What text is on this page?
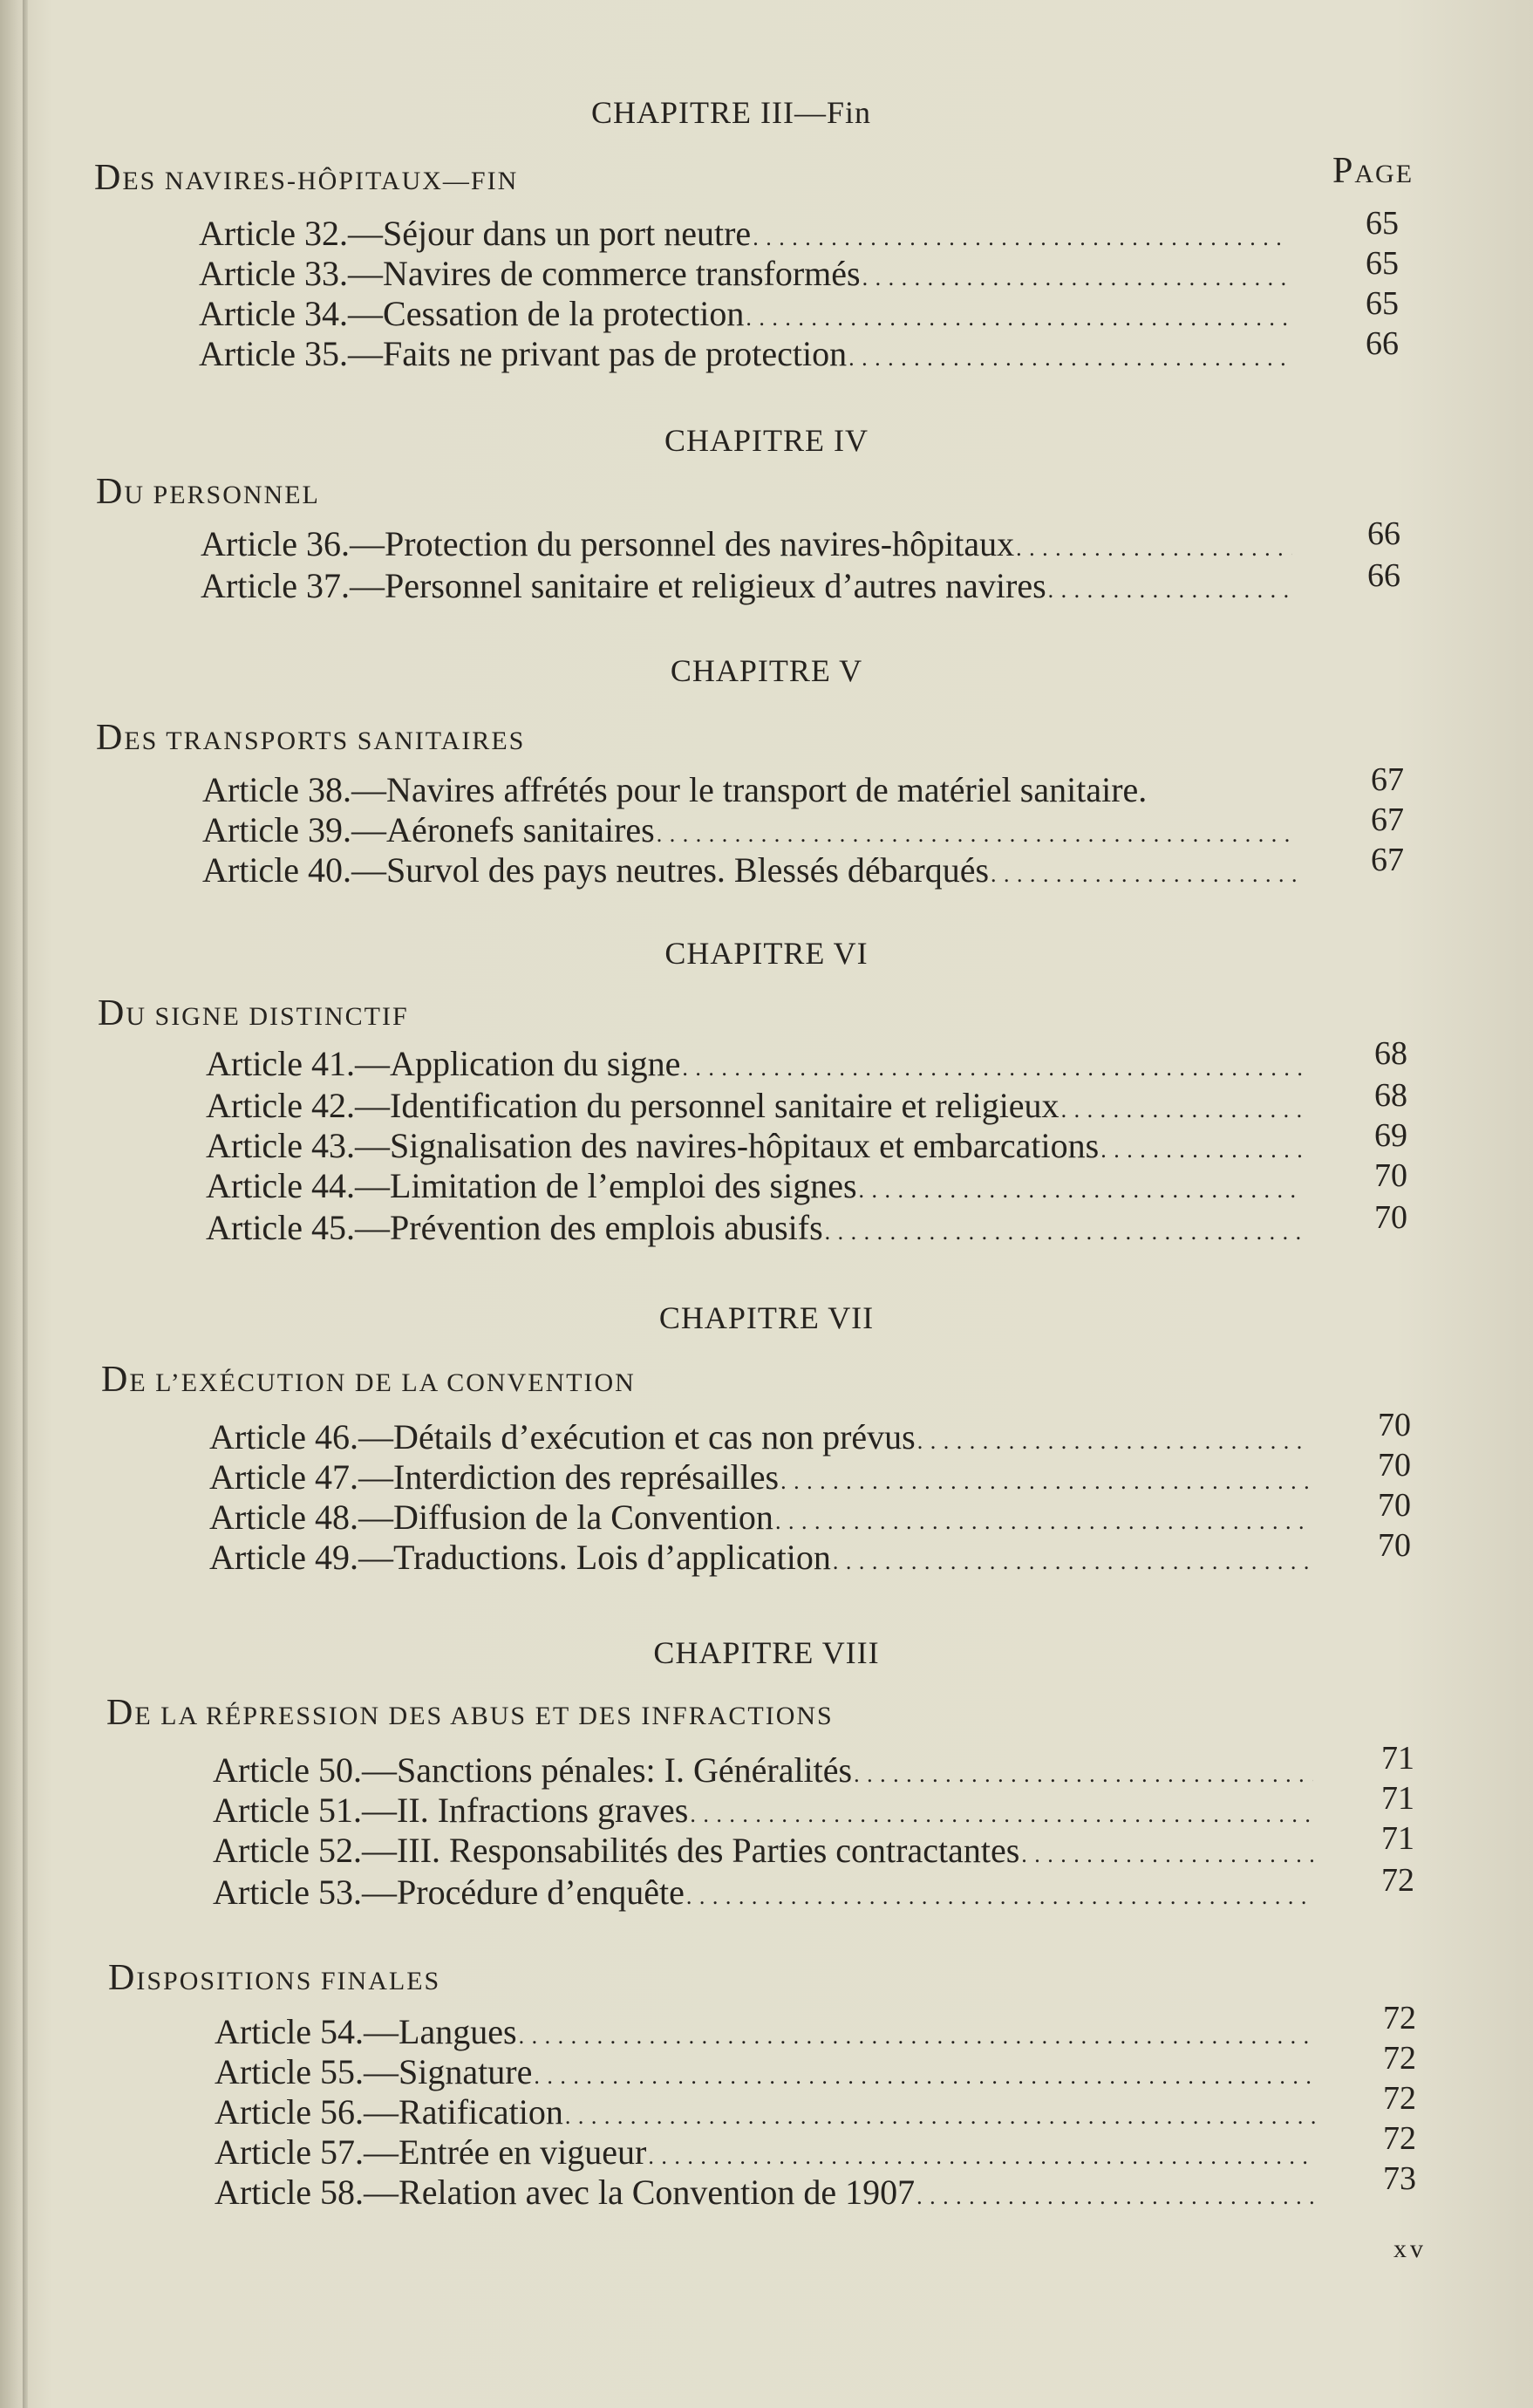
CHAPITRE III—Fin
DES NAVIRES-HÔPITAUX—FIN	PAGE
Article 32.—Séjour dans un port neutre . . .	65
Article 33.—Navires de commerce transformés . . .	65
Article 34.—Cessation de la protection . . .	65
Article 35.—Faits ne privant pas de protection . . .	66
CHAPITRE IV
DU PERSONNEL
Article 36.—Protection du personnel des navires-hôpitaux . . .	66
Article 37.—Personnel sanitaire et religieux d’autres navires . . .	66
CHAPITRE V
DES TRANSPORTS SANITAIRES
Article 38.—Navires affrétés pour le transport de matériel sanitaire.	67
Article 39.—Aéronefs sanitaires . . .	67
Article 40.—Survol des pays neutres. Blessés débarqués . . .	67
CHAPITRE VI
DU SIGNE DISTINCTIF
Article 41.—Application du signe . . .	68
Article 42.—Identification du personnel sanitaire et religieux . . .	68
Article 43.—Signalisation des navires-hôpitaux et embarcations . . .	69
Article 44.—Limitation de l’emploi des signes . . .	70
Article 45.—Prévention des emplois abusifs . . .	70
CHAPITRE VII
DE L’EXÉCUTION DE LA CONVENTION
Article 46.—Détails d’exécution et cas non prévus . . .	70
Article 47.—Interdiction des représailles . . .	70
Article 48.—Diffusion de la Convention . . .	70
Article 49.—Traductions. Lois d’application . . .	70
CHAPITRE VIII
DE LA RÉPRESSION DES ABUS ET DES INFRACTIONS
Article 50.—Sanctions pénales: I. Généralités . . .	71
Article 51.—II. Infractions graves . . .	71
Article 52.—III. Responsabilités des Parties contractantes . . .	71
Article 53.—Procédure d’enquête . . .	72
DISPOSITIONS FINALES
Article 54.—Langues . . .	72
Article 55.—Signature . . .	72
Article 56.—Ratification . . .	72
Article 57.—Entrée en vigueur . . .	72
Article 58.—Relation avec la Convention de 1907 . . .	73
xv
